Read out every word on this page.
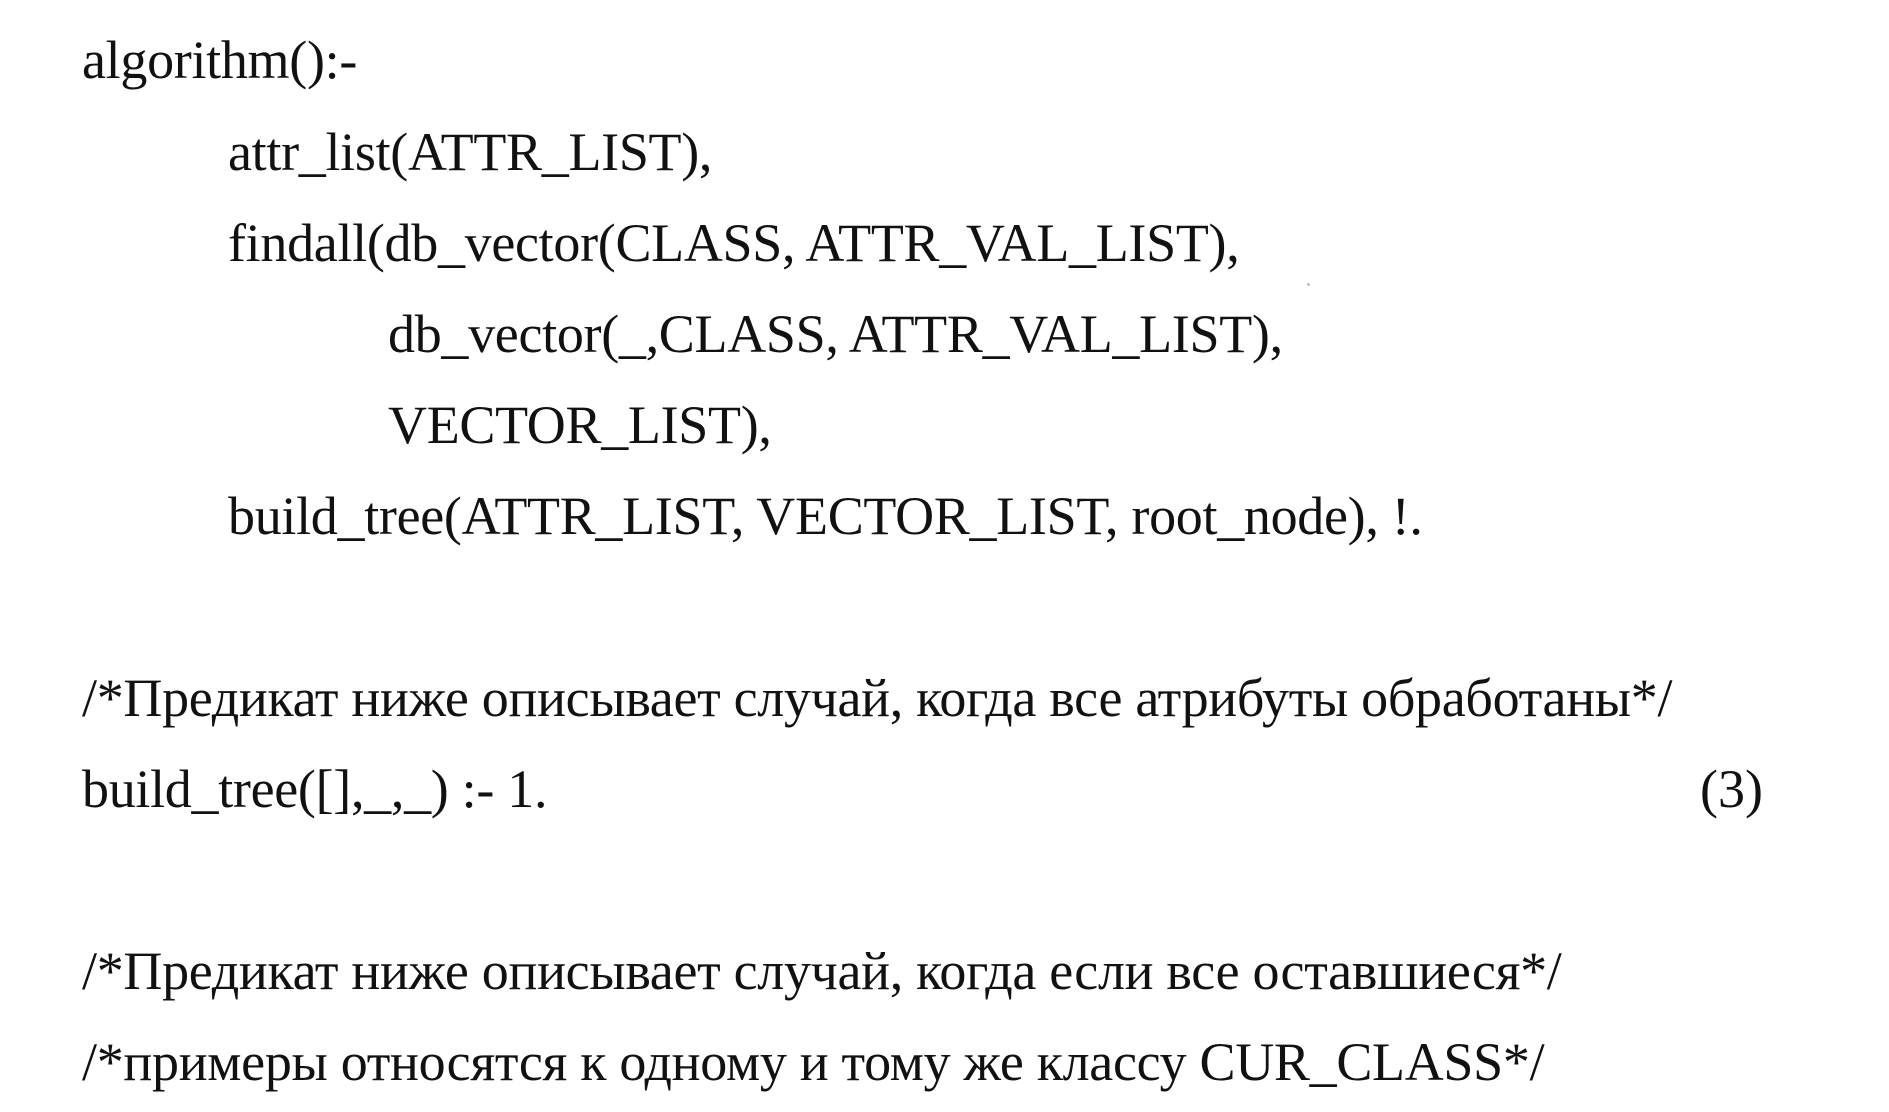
algorithm():-
attr_list(ATTR_LIST),
findall(db_vector(CLASS, ATTR_VAL_LIST),
db_vector(_,CLASS, ATTR_VAL_LIST),
VECTOR_LIST),
build_tree(ATTR_LIST, VECTOR_LIST, root_node), !.
/*Предикат ниже описывает случай, когда все атрибуты обработаны*/
build_tree([],_,_) :- 1.	(3)
/*Предикат ниже описывает случай, когда если все оставшиеся*/
/*примеры относятся к одному и тому же классу CUR_CLASS*/
